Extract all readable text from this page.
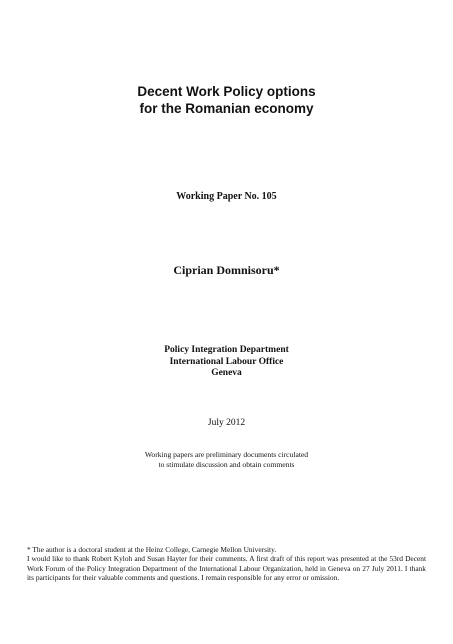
Decent Work Policy options
for the Romanian economy
Working Paper No. 105
Ciprian Domnisoru*
Policy Integration Department
International Labour Office
Geneva
July 2012
Working papers are preliminary documents circulated
to stimulate discussion and obtain comments

* The author is a doctoral student at the Heinz College, Carnegie Mellon University.

I would like to thank Robert Kyloh and Susan Hayter for their comments. A first draft of this report was presented at the 53rd Decent Work Forum of the Policy Integration Department of the International Labour Organization, held in Geneva on 27 July 2011. I thank its participants for their valuable comments and questions. I remain responsible for any error or omission.
